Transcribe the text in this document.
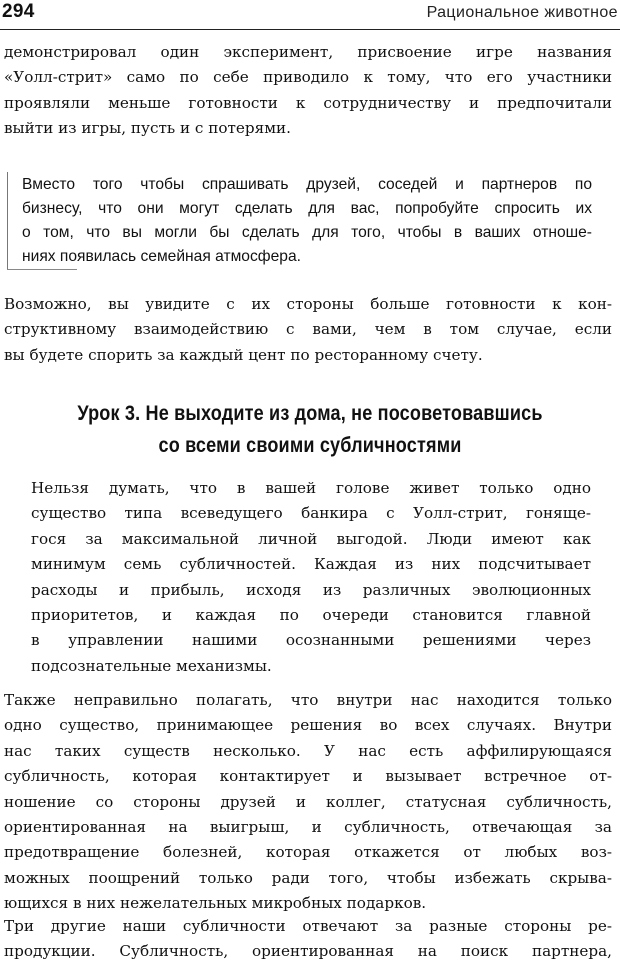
294	Рациональное животное
демонстрировал один эксперимент, присвоение игре названия
«Уолл-стрит» само по себе приводило к тому, что его участники
проявляли меньше готовности к сотрудничеству и предпочитали
выйти из игры, пусть и с потерями.
Вместо того чтобы спрашивать друзей, соседей и партнеров по
бизнесу, что они могут сделать для вас, попробуйте спросить их
о том, что вы могли бы сделать для того, чтобы в ваших отноше-
ниях появилась семейная атмосфера.
Возможно, вы увидите с их стороны больше готовности к кон-
структивному взаимодействию с вами, чем в том случае, если
вы будете спорить за каждый цент по ресторанному счету.
Урок 3. Не выходите из дома, не посоветовавшись
со всеми своими субличностями
Нельзя думать, что в вашей голове живет только одно
существо типа всеведущего банкира с Уолл-стрит, гоняще-
гося за максимальной личной выгодой. Люди имеют как
минимум семь субличностей. Каждая из них подсчитывает
расходы и прибыль, исходя из различных эволюционных
приоритетов, и каждая по очереди становится главной
в управлении нашими осознанными решениями через
подсознательные механизмы.
Также неправильно полагать, что внутри нас находится только
одно существо, принимающее решения во всех случаях. Внутри
нас таких существ несколько. У нас есть аффилирующаяся
субличность, которая контактирует и вызывает встречное от-
ношение со стороны друзей и коллег, статусная субличность,
ориентированная на выигрыш, и субличность, отвечающая за
предотвращение болезней, которая откажется от любых воз-
можных поощрений только ради того, чтобы избежать скрыва-
ющихся в них нежелательных микробных подарков.
Три другие наши субличности отвечают за разные стороны ре-
продукции. Субличность, ориентированная на поиск партнера,
